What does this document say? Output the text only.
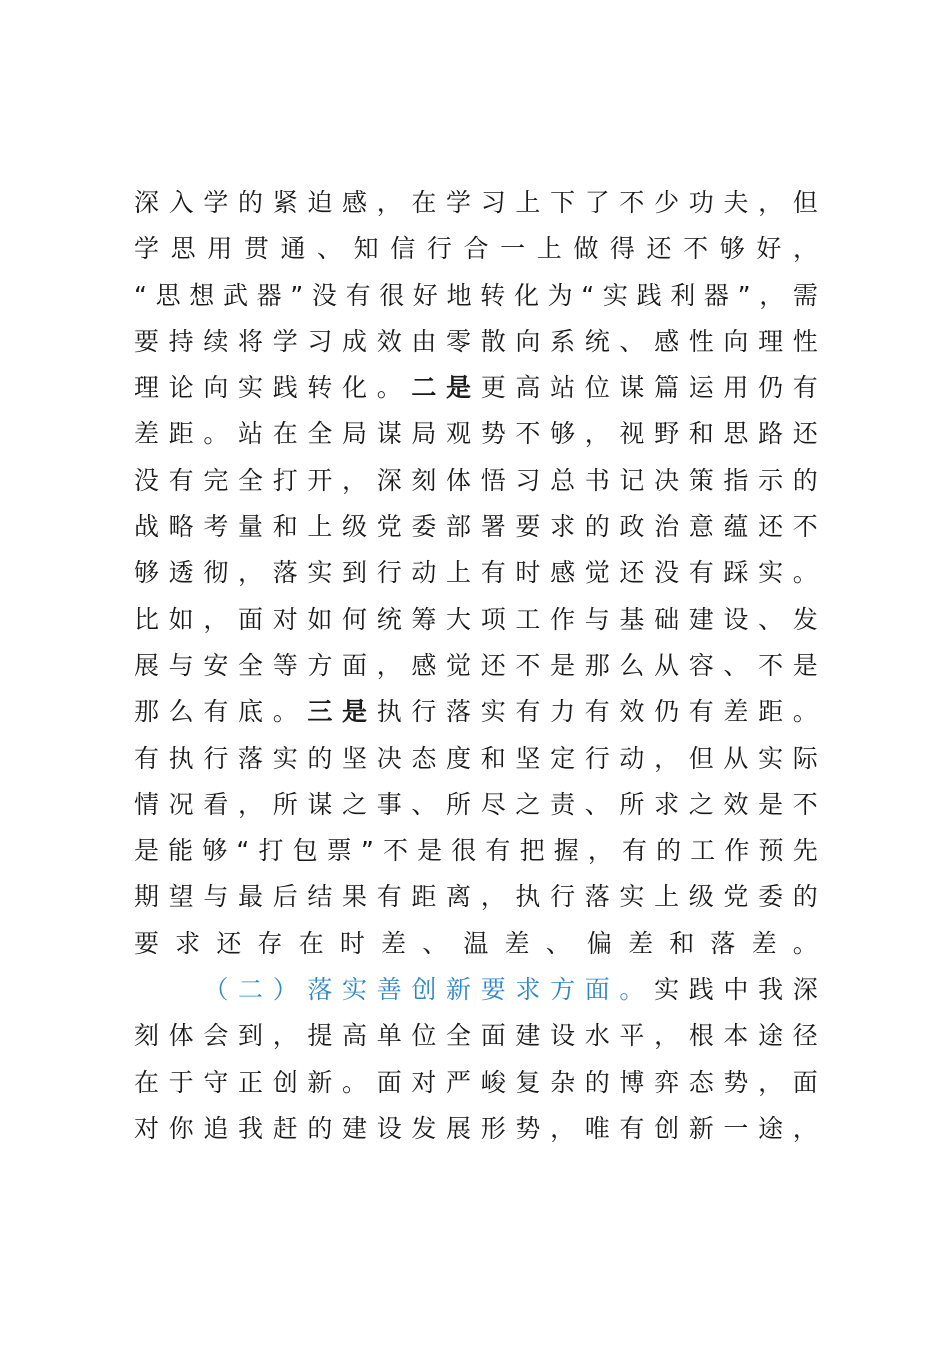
深 入 学 的 紧 迫 感 ， 在 学 习 上 下 了 不 少 功 夫 ， 但
学 思 用 贯 通 、 知 信 行 合 一 上 做 得 还 不 够 好 ，
“ 思 想 武 器 ” 没 有 很 好 地 转 化 为 “ 实 践 利 器 ” ， 需
要 持 续 将 学 习 成 效 由 零 散 向 系 统 、 感 性 向 理 性
理 论 向 实 践 转 化 。 二 是 更 高 站 位 谋 篇 运 用 仍 有
差 距 。 站 在 全 局 谋 局 观 势 不 够 ， 视 野 和 思 路 还
没 有 完 全 打 开 ， 深 刻 体 悟 习 总 书 记 决 策 指 示 的
战 略 考 量 和 上 级 党 委 部 署 要 求 的 政 治 意 蕴 还 不
够 透 彻 ， 落 实 到 行 动 上 有 时 感 觉 还 没 有 踩 实 。
比 如 ， 面 对 如 何 统 筹 大 项 工 作 与 基 础 建 设 、 发
展 与 安 全 等 方 面 ， 感 觉 还 不 是 那 么 从 容 、 不 是
那 么 有 底 。 三 是 执 行 落 实 有 力 有 效 仍 有 差 距 。
有 执 行 落 实 的 坚 决 态 度 和 坚 定 行 动 ， 但 从 实 际
情 况 看 ， 所 谋 之 事 、 所 尽 之 责 、 所 求 之 效 是 不
是 能 够 “ 打 包 票 ” 不 是 很 有 把 握 ， 有 的 工 作 预 先
期 望 与 最 后 结 果 有 距 离 ， 执 行 落 实 上 级 党 委 的
要 求 还 存 在 时 差 、 温 差 、 偏 差 和 落 差 。

（ 二 ） 落 实 善 创 新 要 求 方 面 。 实 践 中 我 深
刻 体 会 到 ， 提 高 单 位 全 面 建 设 水 平 ， 根 本 途 径
在 于 守 正 创 新 。 面 对 严 峻 复 杂 的 博 弈 态 势 ， 面
对 你 追 我 赶 的 建 设 发 展 形 势 ， 唯 有 创 新 一 途 ，
